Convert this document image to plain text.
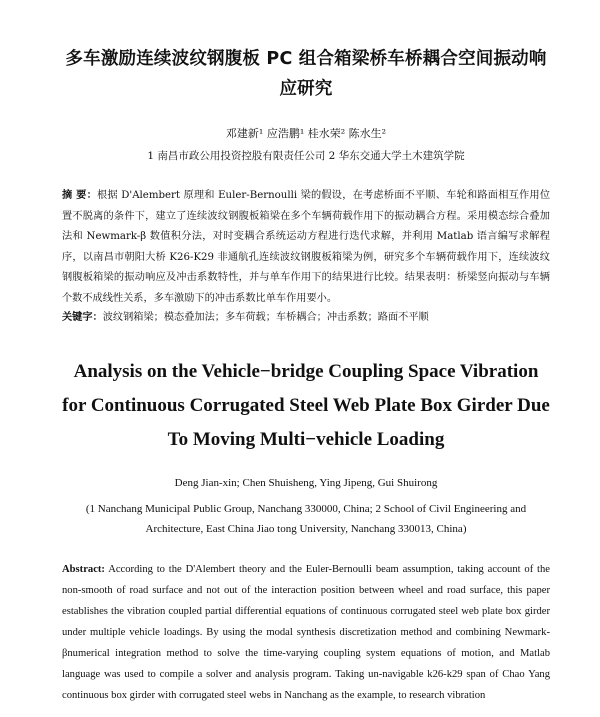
多车激励连续波纹钢腹板 PC 组合箱梁桥车桥耦合空间振动响应研究
邓建新¹ 应浩鹏¹ 桂水荣² 陈水生²
1 南昌市政公用投资控股有限责任公司 2 华东交通大学土木建筑学院
摘 要：根据 D'Alembert 原理和 Euler-Bernoulli 梁的假设，在考虑桥面不平顺、车轮和路面相互作用位置不脱离的条件下，建立了连续波纹钢腹板箱梁在多个车辆荷载作用下的振动耦合方程。采用模态综合叠加法和 Newmark-β 数值积分法，对时变耦合系统运动方程进行迭代求解，并利用 Matlab 语言编写求解程序，以南昌市朝阳大桥 K26-K29 非通航孔连续波纹钢腹板箱梁为例，研究多个车辆荷载作用下，连续波纹钢腹板箱梁的振动响应及冲击系数特性，并与单车作用下的结果进行比较。结果表明：桥梁竖向振动与车辆个数不成线性关系，多车激励下的冲击系数比单车作用要小。
关键字：波纹钢箱梁；模态叠加法；多车荷载；车桥耦合；冲击系数；路面不平顺
Analysis on the Vehicle−bridge Coupling Space Vibration for Continuous Corrugated Steel Web Plate Box Girder Due To Moving Multi−vehicle Loading
Deng Jian-xin; Chen Shuisheng, Ying Jipeng, Gui Shuirong
(1 Nanchang Municipal Public Group, Nanchang 330000, China; 2 School of Civil Engineering and Architecture, East China Jiao tong University, Nanchang 330013, China)
Abstract: According to the D'Alembert theory and the Euler-Bernoulli beam assumption, taking account of the non-smooth of road surface and not out of the interaction position between wheel and road surface, this paper establishes the vibration coupled partial differential equations of continuous corrugated steel web plate box girder under multiple vehicle loadings. By using the modal synthesis discretization method and combining Newmark-βnumerical integration method to solve the time-varying coupling system equations of motion, and Matlab language was used to compile a solver and analysis program. Taking un-navigable k26-k29 span of Chao Yang continuous box girder with corrugated steel webs in Nanchang as the example, to research vibration
